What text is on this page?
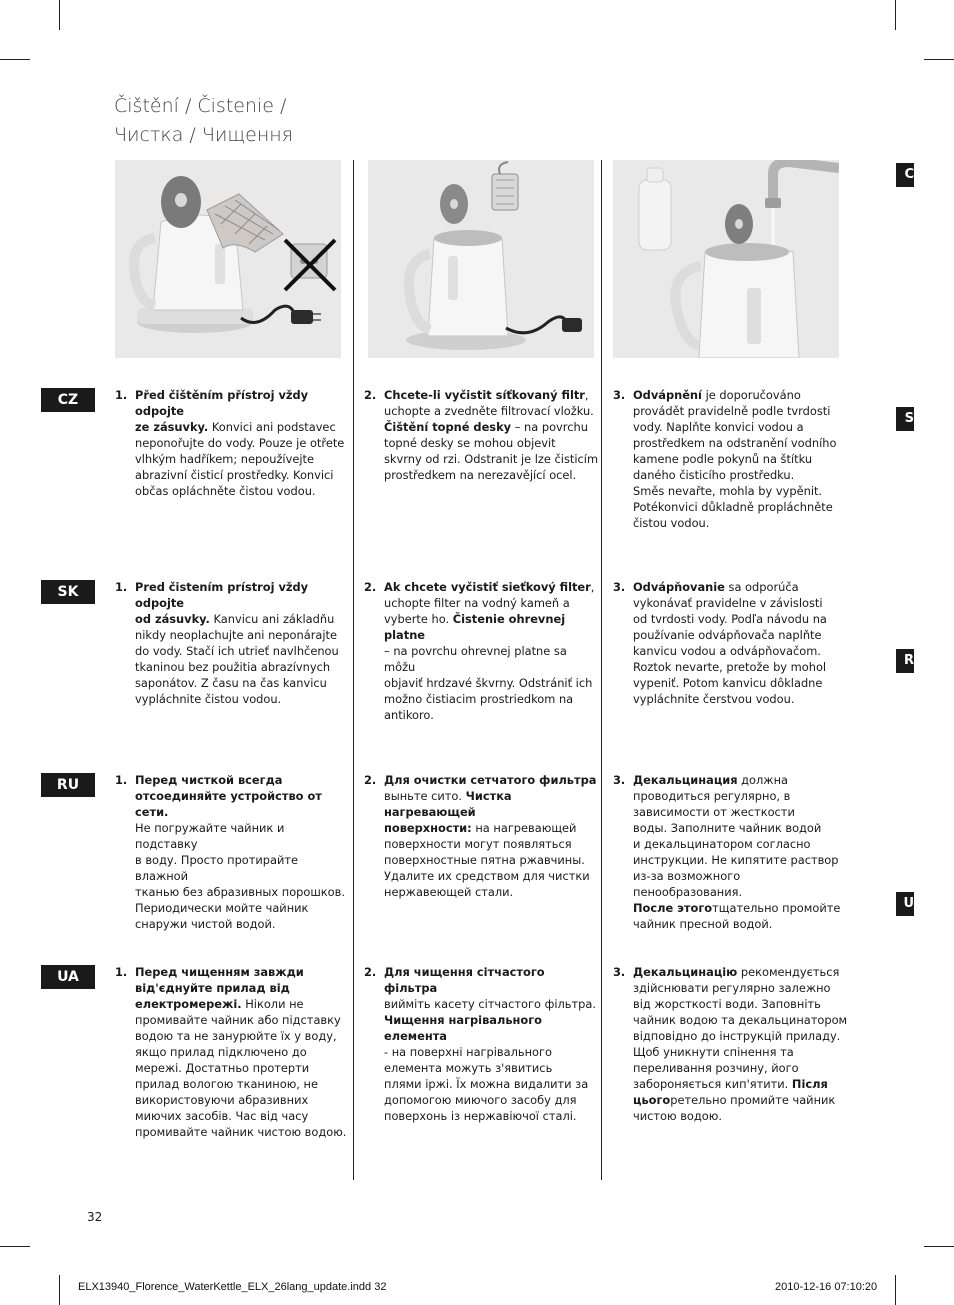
Čištění / Čistenie /
Чистка / Чищення
CZ	1. Před čištěním přístroj vždy odpojte
ze zásuvky. Konvici ani podstavec
neponořujte do vody. Pouze je otřete
vlhkým hadříkem; nepoužívejte
abrazivní čisticí prostředky. Konvici
občas opláchněte čistou vodou.
2. Chcete-li vyčistit síťkovaný filtr,
uchopte a zvedněte filtrovací vložku.
Čištění topné desky – na povrchu
topné desky se mohou objevit
skvrny od rzi. Odstranit je lze čisticím
prostředkem na nerezavějící ocel.
3. Odvápnění je doporučováno
provádět pravidelně podle tvrdosti
vody. Naplňte konvici vodou a
prostředkem na odstranění vodního
kamene podle pokynů na štítku
daného čisticího prostředku.
Směs nevařte, mohla by vypěnit.
Potékonvici důkladně propláchněte
čistou vodou.
SK	1. Pred čistením prístroj vždy odpojte
od zásuvky. Kanvicu ani základňu
nikdy neoplachujte ani neponárajte
do vody. Stačí ich utrieť navlhčenou
tkaninou bez použitia abrazívnych
saponátov. Z času na čas kanvicu
vypláchnite čistou vodou.
2. Ak chcete vyčistiť sieťkový filter,
uchopte filter na vodný kameň a
vyberte ho. Čistenie ohrevnej platne
– na povrchu ohrevnej platne sa môžu
objaviť hrdzavé škvrny. Odstrániť ich
možno čistiacim prostriedkom na
antikoro.
3. Odvápňovanie sa odporúča
vykonávať pravidelne v závislosti
od tvrdosti vody. Podľa návodu na
používanie odvápňovača naplňte
kanvicu vodou a odvápňovačom.
Roztok nevarte, pretože by mohol
vypeniť. Potom kanvicu dôkladne
vypláchnite čerstvou vodou.
RU	1. Перед чисткой всегда
отсоединяйте устройство от сети.
Не погружайте чайник и подставку
в воду. Просто протирайте влажной
тканью без абразивных порошков.
Периодически мойте чайник
снаружи чистой водой.
2. Для очистки сетчатого фильтра
выньте сито. Чистка нагревающей
поверхности: на нагревающей
поверхности могут появляться
поверхностные пятна ржавчины.
Удалите их средством для чистки
нержавеющей стали.
3. Декальцинация должна
проводиться регулярно, в
зависимости от жесткости
воды. Заполните чайник водой
и декальцинатором согласно
инструкции. Не кипятите раствор
из-за возможного пенообразования.
После этоготщательно промойте
чайник пресной водой.
UA	1. Перед чищенням завжди
від'єднуйте прилад від
електромережі. Ніколи не
промивайте чайник або підставку
водою та не занурюйте їх у воду,
якщо прилад підключено до
мережі. Достатньо протерти
прилад вологою тканиною, не
використовуючи абразивних
миючих засобів. Час від часу
промивайте чайник чистою водою.
2. Для чищення сітчастого фільтра
вийміть касету сітчастого фільтра.
Чищення нагрівального елемента
- на поверхні нагрівального
елемента можуть з'явитись
плями іржі. Їх можна видалити за
допомогою миючого засобу для
поверхонь із нержавіючої сталі.
3. Декальцинацію рекомендується
здійснювати регулярно залежно
від жорсткості води. Заповніть
чайник водою та декальцинатором
відповідно до інструкцій приладу.
Щоб уникнути спінення та
переливання розчину, його
забороняється кип'ятити. Після
цьогоретельно промийте чайник
чистою водою.
C
S
R
U
32
ELX13940_Florence_WaterKettle_ELX_26lang_update.indd 32	2010-12-16 07:10:20
